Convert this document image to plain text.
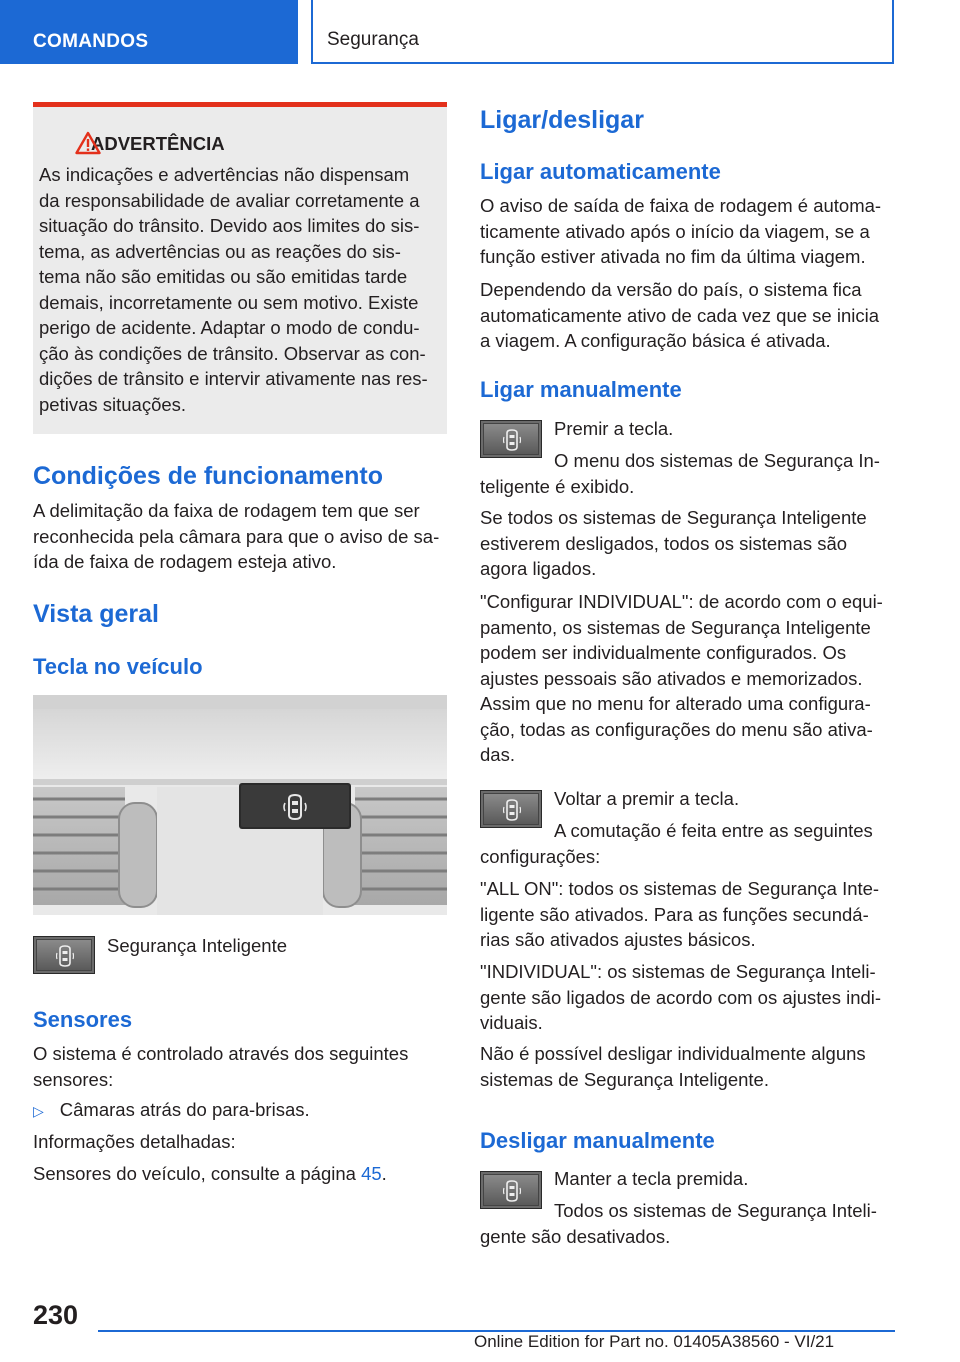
COMANDOS	Segurança
ADVERTÊNCIA

As indicações e advertências não dispensam
da responsabilidade de avaliar corretamente a
situação do trânsito. Devido aos limites do sis-
tema, as advertências ou as reações do sis-
tema não são emitidas ou são emitidas tarde
demais, incorretamente ou sem motivo. Existe
perigo de acidente. Adaptar o modo de condu-
ção às condições de trânsito. Observar as con-
dições de trânsito e intervir ativamente nas res-
petivas situações.

Condições de funcionamento

A delimitação da faixa de rodagem tem que ser
reconhecida pela câmara para que o aviso de sa-
ída de faixa de rodagem esteja ativo.

Vista geral
Tecla no veículo

Segurança Inteligente

Sensores

O sistema é controlado através dos seguintes
sensores:

▷ Câmaras atrás do para-brisas.

Informações detalhadas:

Sensores do veículo, consulte a página 45.

Ligar/desligar
Ligar automaticamente

O aviso de saída de faixa de rodagem é automa-
ticamente ativado após o início da viagem, se a
função estiver ativada no fim da última viagem.

Dependendo da versão do país, o sistema fica
automaticamente ativo de cada vez que se inicia
a viagem. A configuração básica é ativada.

Ligar manualmente

Premir a tecla.

O menu dos sistemas de Segurança In-

teligente é exibido.

Se todos os sistemas de Segurança Inteligente
estiverem desligados, todos os sistemas são
agora ligados.

"Configurar INDIVIDUAL": de acordo com o equi-
pamento, os sistemas de Segurança Inteligente
podem ser individualmente configurados. Os
ajustes pessoais são ativados e memorizados.
Assim que no menu for alterado uma configura-
ção, todas as configurações do menu são ativa-
das.

Voltar a premir a tecla.

A comutação é feita entre as seguintes

configurações:

"ALL ON": todos os sistemas de Segurança Inte-
ligente são ativados. Para as funções secundá-
rias são ativados ajustes básicos.

"INDIVIDUAL": os sistemas de Segurança Inteli-
gente são ligados de acordo com os ajustes indi-
viduais.

Não é possível desligar individualmente alguns
sistemas de Segurança Inteligente.

Desligar manualmente

Manter a tecla premida.

Todos os sistemas de Segurança Inteli-

gente são desativados.

230
Online Edition for Part no. 01405A38560 - VI/21
